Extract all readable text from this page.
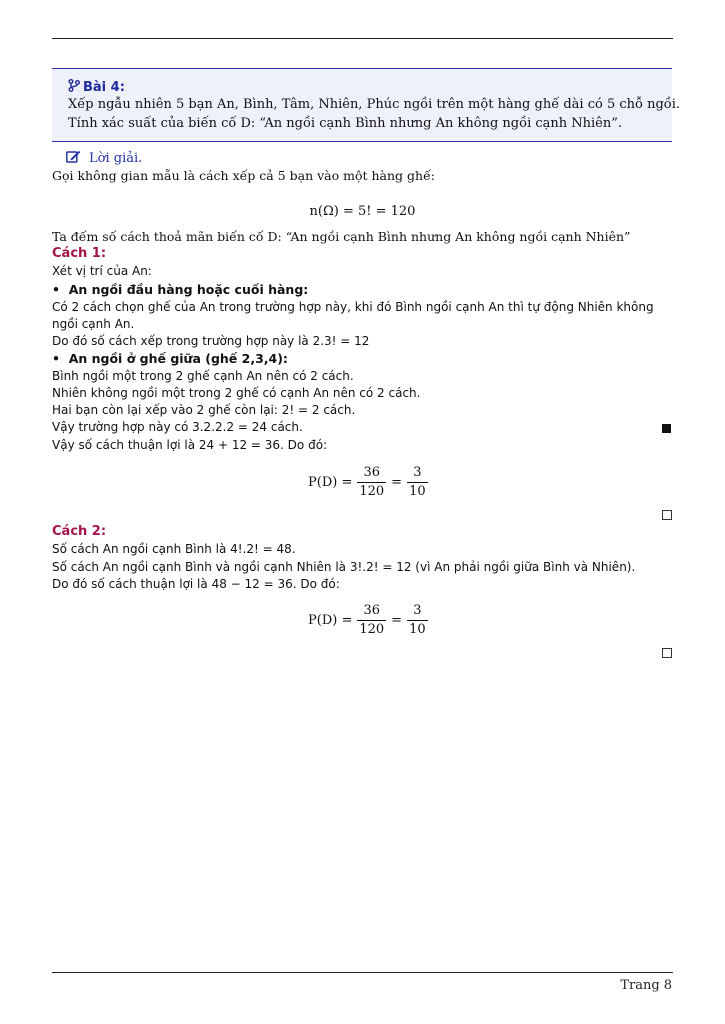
Bài 4:
Xếp ngẫu nhiên 5 bạn An, Bình, Tâm, Nhiên, Phúc ngồi trên một hàng ghế dài có 5 chỗ ngồi.
Tính xác suất của biến cố D: “An ngồi cạnh Bình nhưng An không ngồi cạnh Nhiên”.
Lời giải.
Gọi không gian mẫu là cách xếp cả 5 bạn vào một hàng ghế:
n(Ω) = 5! = 120
Ta đếm số cách thoả mãn biến cố D: “An ngồi cạnh Bình nhưng An không ngồi cạnh Nhiên”
Cách 1:
Xét vị trí của An:
•  An ngồi đầu hàng hoặc cuối hàng:
Có 2 cách chọn ghế của An trong trường hợp này, khi đó Bình ngồi cạnh An thì tự động Nhiên không
ngồi cạnh An.
Do đó số cách xếp trong trường hợp này là 2.3! = 12
•  An ngồi ở ghế giữa (ghế 2,3,4):
Bình ngồi một trong 2 ghế cạnh An nên có 2 cách.
Nhiên không ngồi một trong 2 ghế có cạnh An nên có 2 cách.
Hai bạn còn lại xếp vào 2 ghế còn lại: 2! = 2 cách.
Vậy trường hợp này có 3.2.2.2 = 24 cách.
Vậy số cách thuận lợi là 24 + 12 = 36. Do đó:
$P(D) = \frac{36}{120} = \frac{3}{10}$
Cách 2:
Số cách An ngồi cạnh Bình là 4!.2! = 48.
Số cách An ngồi cạnh Bình và ngồi cạnh Nhiên là 3!.2! = 12 (vì An phải ngồi giữa Bình và Nhiên).
Do đó số cách thuận lợi là 48 − 12 = 36. Do đó:
$P(D) = \frac{36}{120} = \frac{3}{10}$
Trang 8
